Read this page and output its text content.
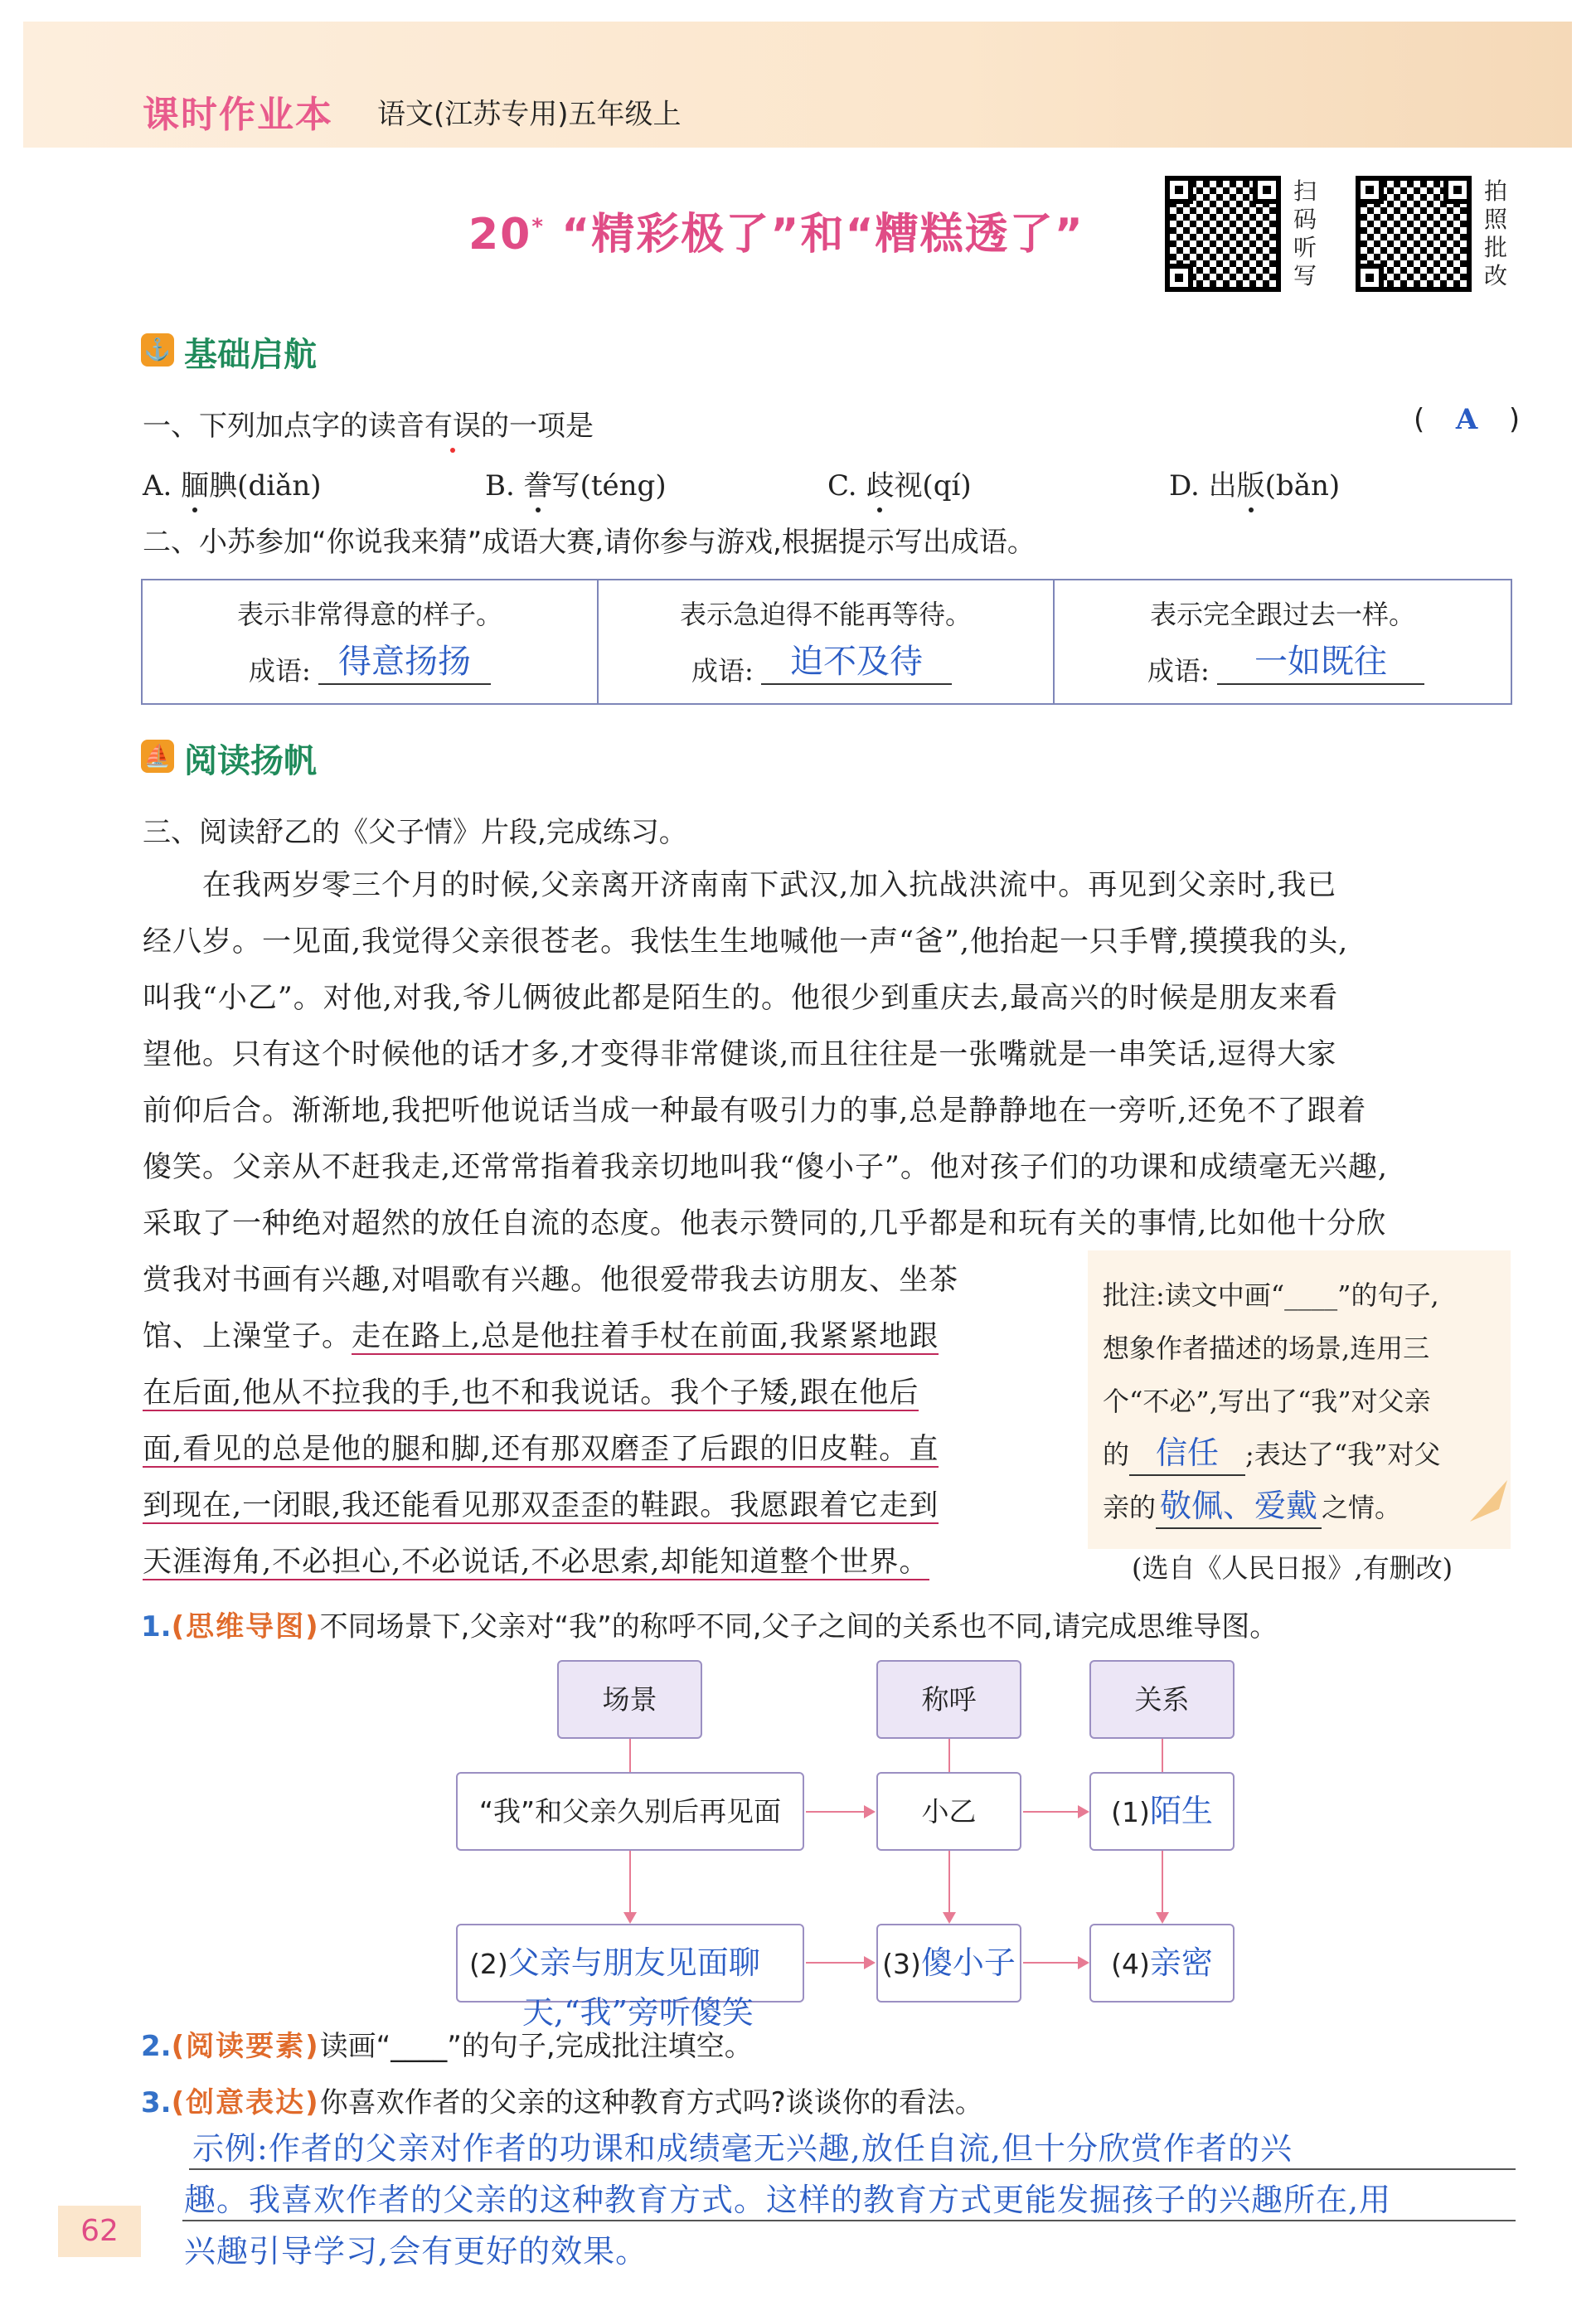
课时作业本 语文(江苏专用)五年级上
20* “精彩极了”和“糟糕透了”
扫码听写
拍照批改
⚓ 基础启航
一、下列加点字的读音有误的一项是	( A )
A. 腼腆(diǎn)	B. 誊写(téng)	C. 歧视(qí)	D. 出版(bǎn)
二、小苏参加“你说我来猜”成语大赛,请你参与游戏,根据提示写出成语。
表示非常得意的样子。
成语: 得意扬扬
表示急迫得不能再等待。
成语:	迫不及待
表示完全跟过去一样。
成语:	一如既往
⛵ 阅读扬帆
三、阅读舒乙的《父子情》片段,完成练习。
　　在我两岁零三个月的时候,父亲离开济南南下武汉,加入抗战洪流中。再见到父亲时,我已
经八岁。一见面,我觉得父亲很苍老。我怯生生地喊他一声“爸”,他抬起一只手臂,摸摸我的头,
叫我“小乙”。对他,对我,爷儿俩彼此都是陌生的。他很少到重庆去,最高兴的时候是朋友来看
望他。只有这个时候他的话才多,才变得非常健谈,而且往往是一张嘴就是一串笑话,逗得大家
前仰后合。渐渐地,我把听他说话当成一种最有吸引力的事,总是静静地在一旁听,还免不了跟着
傻笑。父亲从不赶我走,还常常指着我亲切地叫我“傻小子”。他对孩子们的功课和成绩毫无兴趣,
采取了一种绝对超然的放任自流的态度。他表示赞同的,几乎都是和玩有关的事情,比如他十分欣
赏我对书画有兴趣,对唱歌有兴趣。他很爱带我去访朋友、坐茶
馆、上澡堂子。走在路上,总是他拄着手杖在前面,我紧紧地跟
在后面,他从不拉我的手,也不和我说话。我个子矮,跟在他后
面,看见的总是他的腿和脚,还有那双磨歪了后跟的旧皮鞋。直
到现在,一闭眼,我还能看见那双歪歪的鞋跟。我愿跟着它走到
天涯海角,不必担心,不必说话,不必思索,却能知道整个世界。
批注:读文中画“____”的句子,
想象作者描述的场景,连用三
个“不必”,写出了“我”对父亲
的 信任 ;表达了“我”对父
亲的 敬佩、爱戴 之情。
(选自《人民日报》,有删改)
1.(思维导图)不同场景下,父亲对“我”的称呼不同,父子之间的关系也不同,请完成思维导图。
场景	称呼	关系
“我”和父亲久别后再见面	小乙	(1)陌生
(2)父亲与朋友见面聊
天,“我”旁听傻笑
(3)傻小子	(4)亲密
2.(阅读要素)读画“____”的句子,完成批注填空。
3.(创意表达)你喜欢作者的父亲的这种教育方式吗?谈谈你的看法。
示例:作者的父亲对作者的功课和成绩毫无兴趣,放任自流,但十分欣赏作者的兴
趣。我喜欢作者的父亲的这种教育方式。这样的教育方式更能发掘孩子的兴趣所在,用
兴趣引导学习,会有更好的效果。
62
